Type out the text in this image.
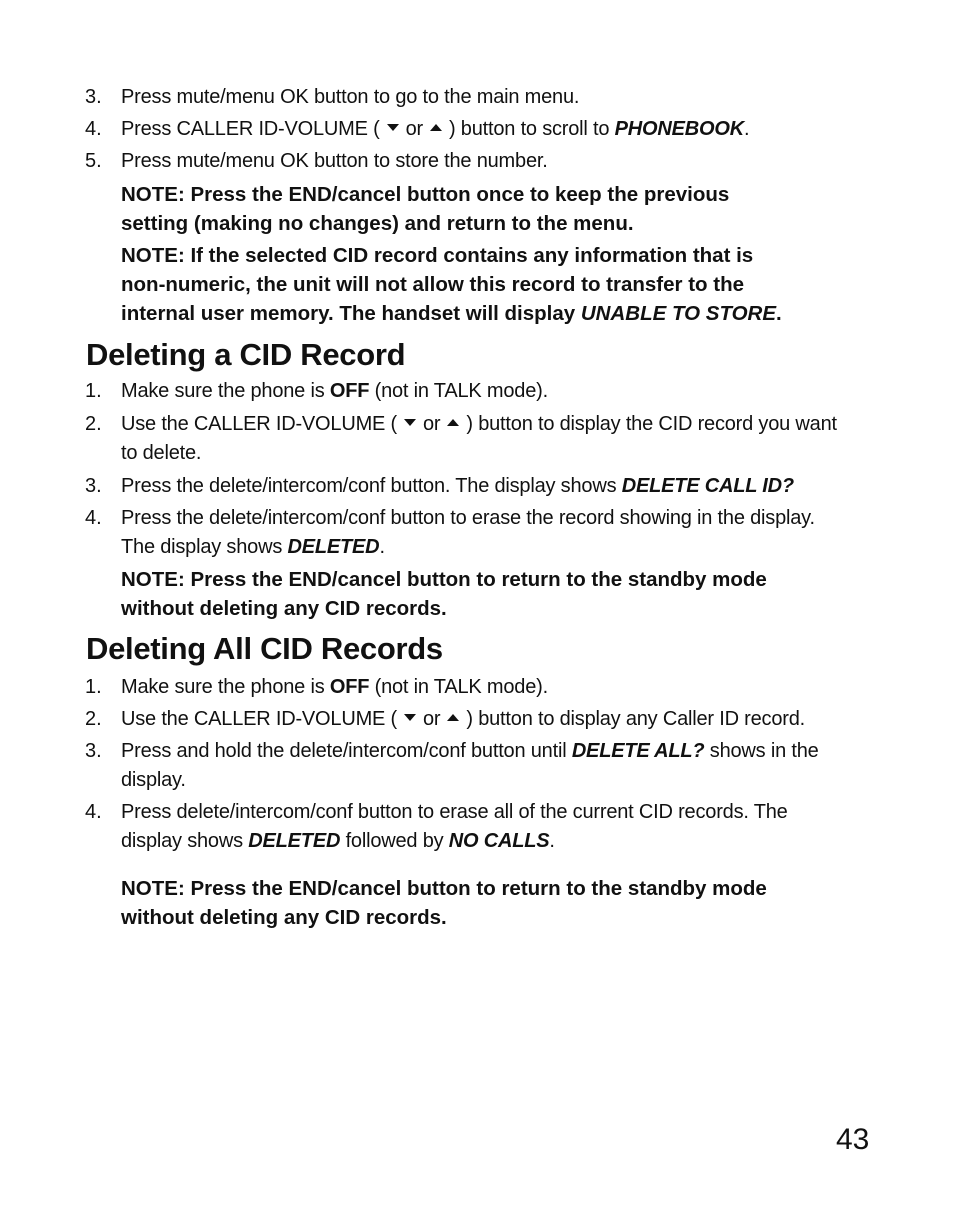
3. Press mute/menu OK button to go to the main menu.
4. Press CALLER ID-VOLUME ( or ) button to scroll to PHONEBOOK.
5. Press mute/menu OK button to store the number.
NOTE: Press the END/cancel button once to keep the previous
setting (making no changes) and return to the menu.
NOTE: If the selected CID record contains any information that is
non-numeric, the unit will not allow this record to transfer to the
internal user memory. The handset will display UNABLE TO STORE.
Deleting a CID Record
1. Make sure the phone is OFF (not in TALK mode).
2. Use the CALLER ID-VOLUME ( or ) button to display the CID record you want
to delete.
3. Press the delete/intercom/conf button. The display shows DELETE CALL ID?
4. Press the delete/intercom/conf button to erase the record showing in the display.
The display shows DELETED.
NOTE: Press the END/cancel button to return to the standby mode
without deleting any CID records.
Deleting All CID Records
1. Make sure the phone is OFF (not in TALK mode).
2. Use the CALLER ID-VOLUME ( or ) button to display any Caller ID record.
3. Press and hold the delete/intercom/conf button until DELETE ALL? shows in the
display.
4. Press delete/intercom/conf button to erase all of the current CID records. The
display shows DELETED followed by NO CALLS.
NOTE: Press the END/cancel button to return to the standby mode
without deleting any CID records.
43
